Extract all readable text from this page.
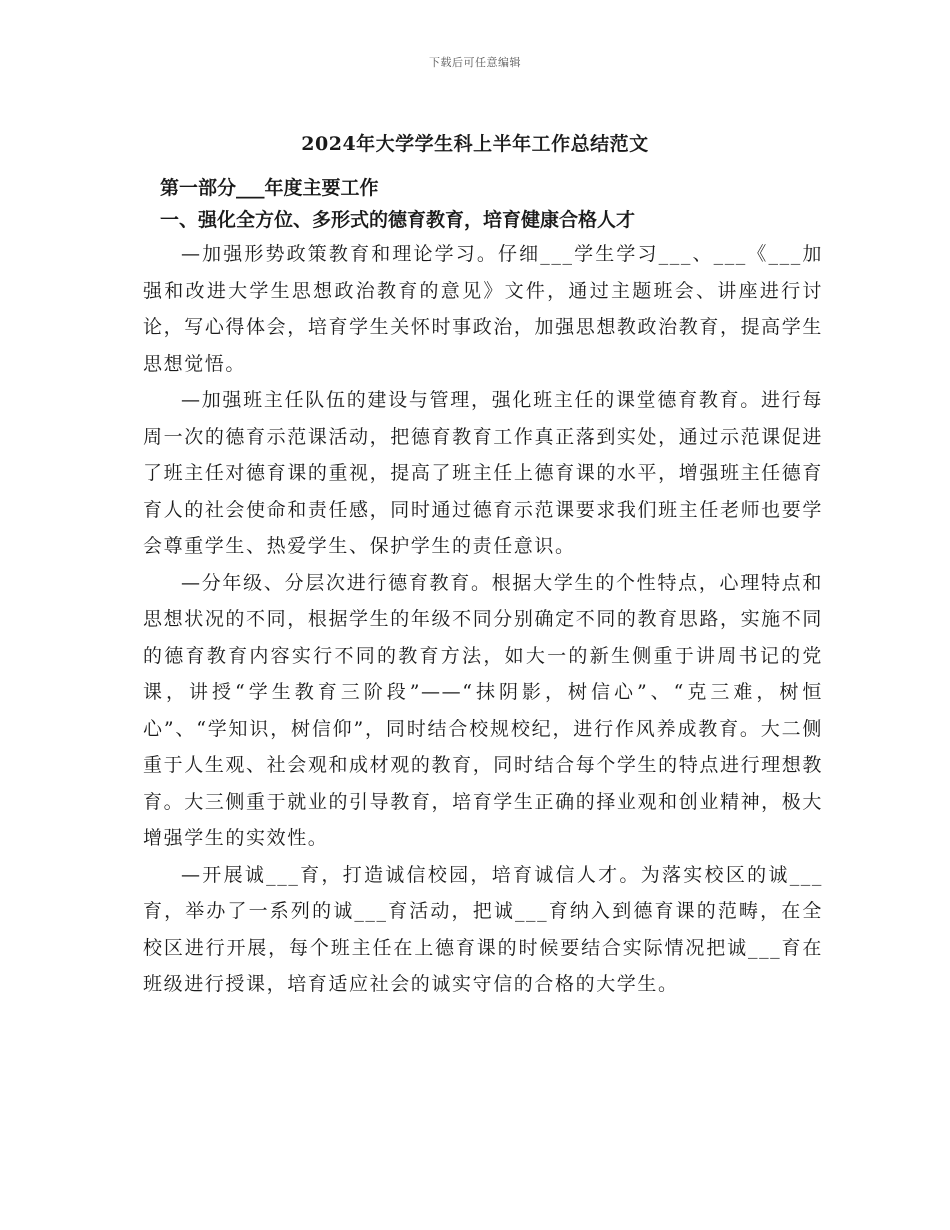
下载后可任意编辑
2024年大学学生科上半年工作总结范文

第一部分___年度主要工作

一、强化全方位、多形式的德育教育，培育健康合格人才

—加强形势政策教育和理论学习。仔细___学生学习___、___《___加强和改进大学生思想政治教育的意见》文件，通过主题班会、讲座进行讨论，写心得体会，培育学生关怀时事政治，加强思想教政治教育，提高学生思想觉悟。

—加强班主任队伍的建设与管理，强化班主任的课堂德育教育。进行每周一次的德育示范课活动，把德育教育工作真正落到实处，通过示范课促进了班主任对德育课的重视，提高了班主任上德育课的水平，增强班主任德育育人的社会使命和责任感，同时通过德育示范课要求我们班主任老师也要学会尊重学生、热爱学生、保护学生的责任意识。

—分年级、分层次进行德育教育。根据大学生的个性特点，心理特点和思想状况的不同，根据学生的年级不同分别确定不同的教育思路，实施不同的德育教育内容实行不同的教育方法，如大一的新生侧重于讲周书记的党课，讲授“学生教育三阶段”——“抹阴影，树信心”、“克三难，树恒心”、“学知识，树信仰”，同时结合校规校纪，进行作风养成教育。大二侧重于人生观、社会观和成材观的教育，同时结合每个学生的特点进行理想教育。大三侧重于就业的引导教育，培育学生正确的择业观和创业精神，极大增强学生的实效性。

—开展诚___育，打造诚信校园，培育诚信人才。为落实校区的诚___育，举办了一系列的诚___育活动，把诚___育纳入到德育课的范畴，在全校区进行开展，每个班主任在上德育课的时候要结合实际情况把诚___育在班级进行授课，培育适应社会的诚实守信的合格的大学生。
